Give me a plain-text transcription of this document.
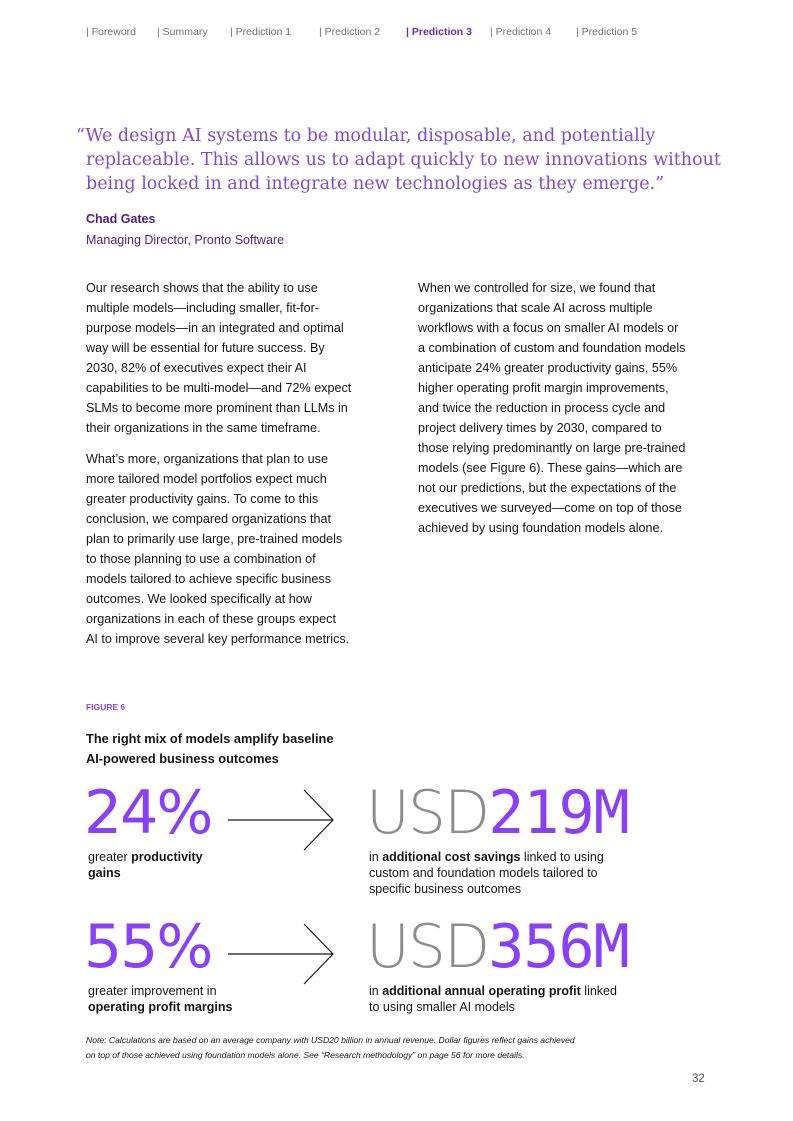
| Foreword | Summary | Prediction 1	| Prediction 2 | Prediction 3 | Prediction 4 | Prediction 5
“We design AI systems to be modular, disposable, and potentially
replaceable. This allows us to adapt quickly to new innovations without
being locked in and integrate new technologies as they emerge.”
Chad Gates
Managing Director, Pronto Software

Our research shows that the ability to use
multiple models—including smaller, fit-for-
purpose models—in an integrated and optimal
way will be essential for future success. By
2030, 82% of executives expect their AI
capabilities to be multi-model—and 72% expect
SLMs to become more prominent than LLMs in
their organizations in the same timeframe.

What’s more, organizations that plan to use
more tailored model portfolios expect much
greater productivity gains. To come to this
conclusion, we compared organizations that
plan to primarily use large, pre-trained models
to those planning to use a combination of
models tailored to achieve specific business
outcomes. We looked specifically at how
organizations in each of these groups expect
AI to improve several key performance metrics.

When we controlled for size, we found that
organizations that scale AI across multiple
workflows with a focus on smaller AI models or
a combination of custom and foundation models
anticipate 24% greater productivity gains, 55%
higher operating profit margin improvements,
and twice the reduction in process cycle and
project delivery times by 2030, compared to
those relying predominantly on large pre-trained
models (see Figure 6). These gains—which are
not our predictions, but the expectations of the
executives we surveyed—come on top of those
achieved by using foundation models alone.

FIGURE 6
The right mix of models amplify baseline
AI-powered business outcomes
24%
greater productivity
gains
USD219M
in additional cost savings linked to using
custom and foundation models tailored to
specific business outcomes
55%
greater improvement in
operating profit margins
USD356M
in additional annual operating profit linked
to using smaller AI models
Note: Calculations are based on an average company with USD20 billion in annual revenue. Dollar figures reflect gains achieved
on top of those achieved using foundation models alone. See “Research methodology” on page 56 for more details.
32
